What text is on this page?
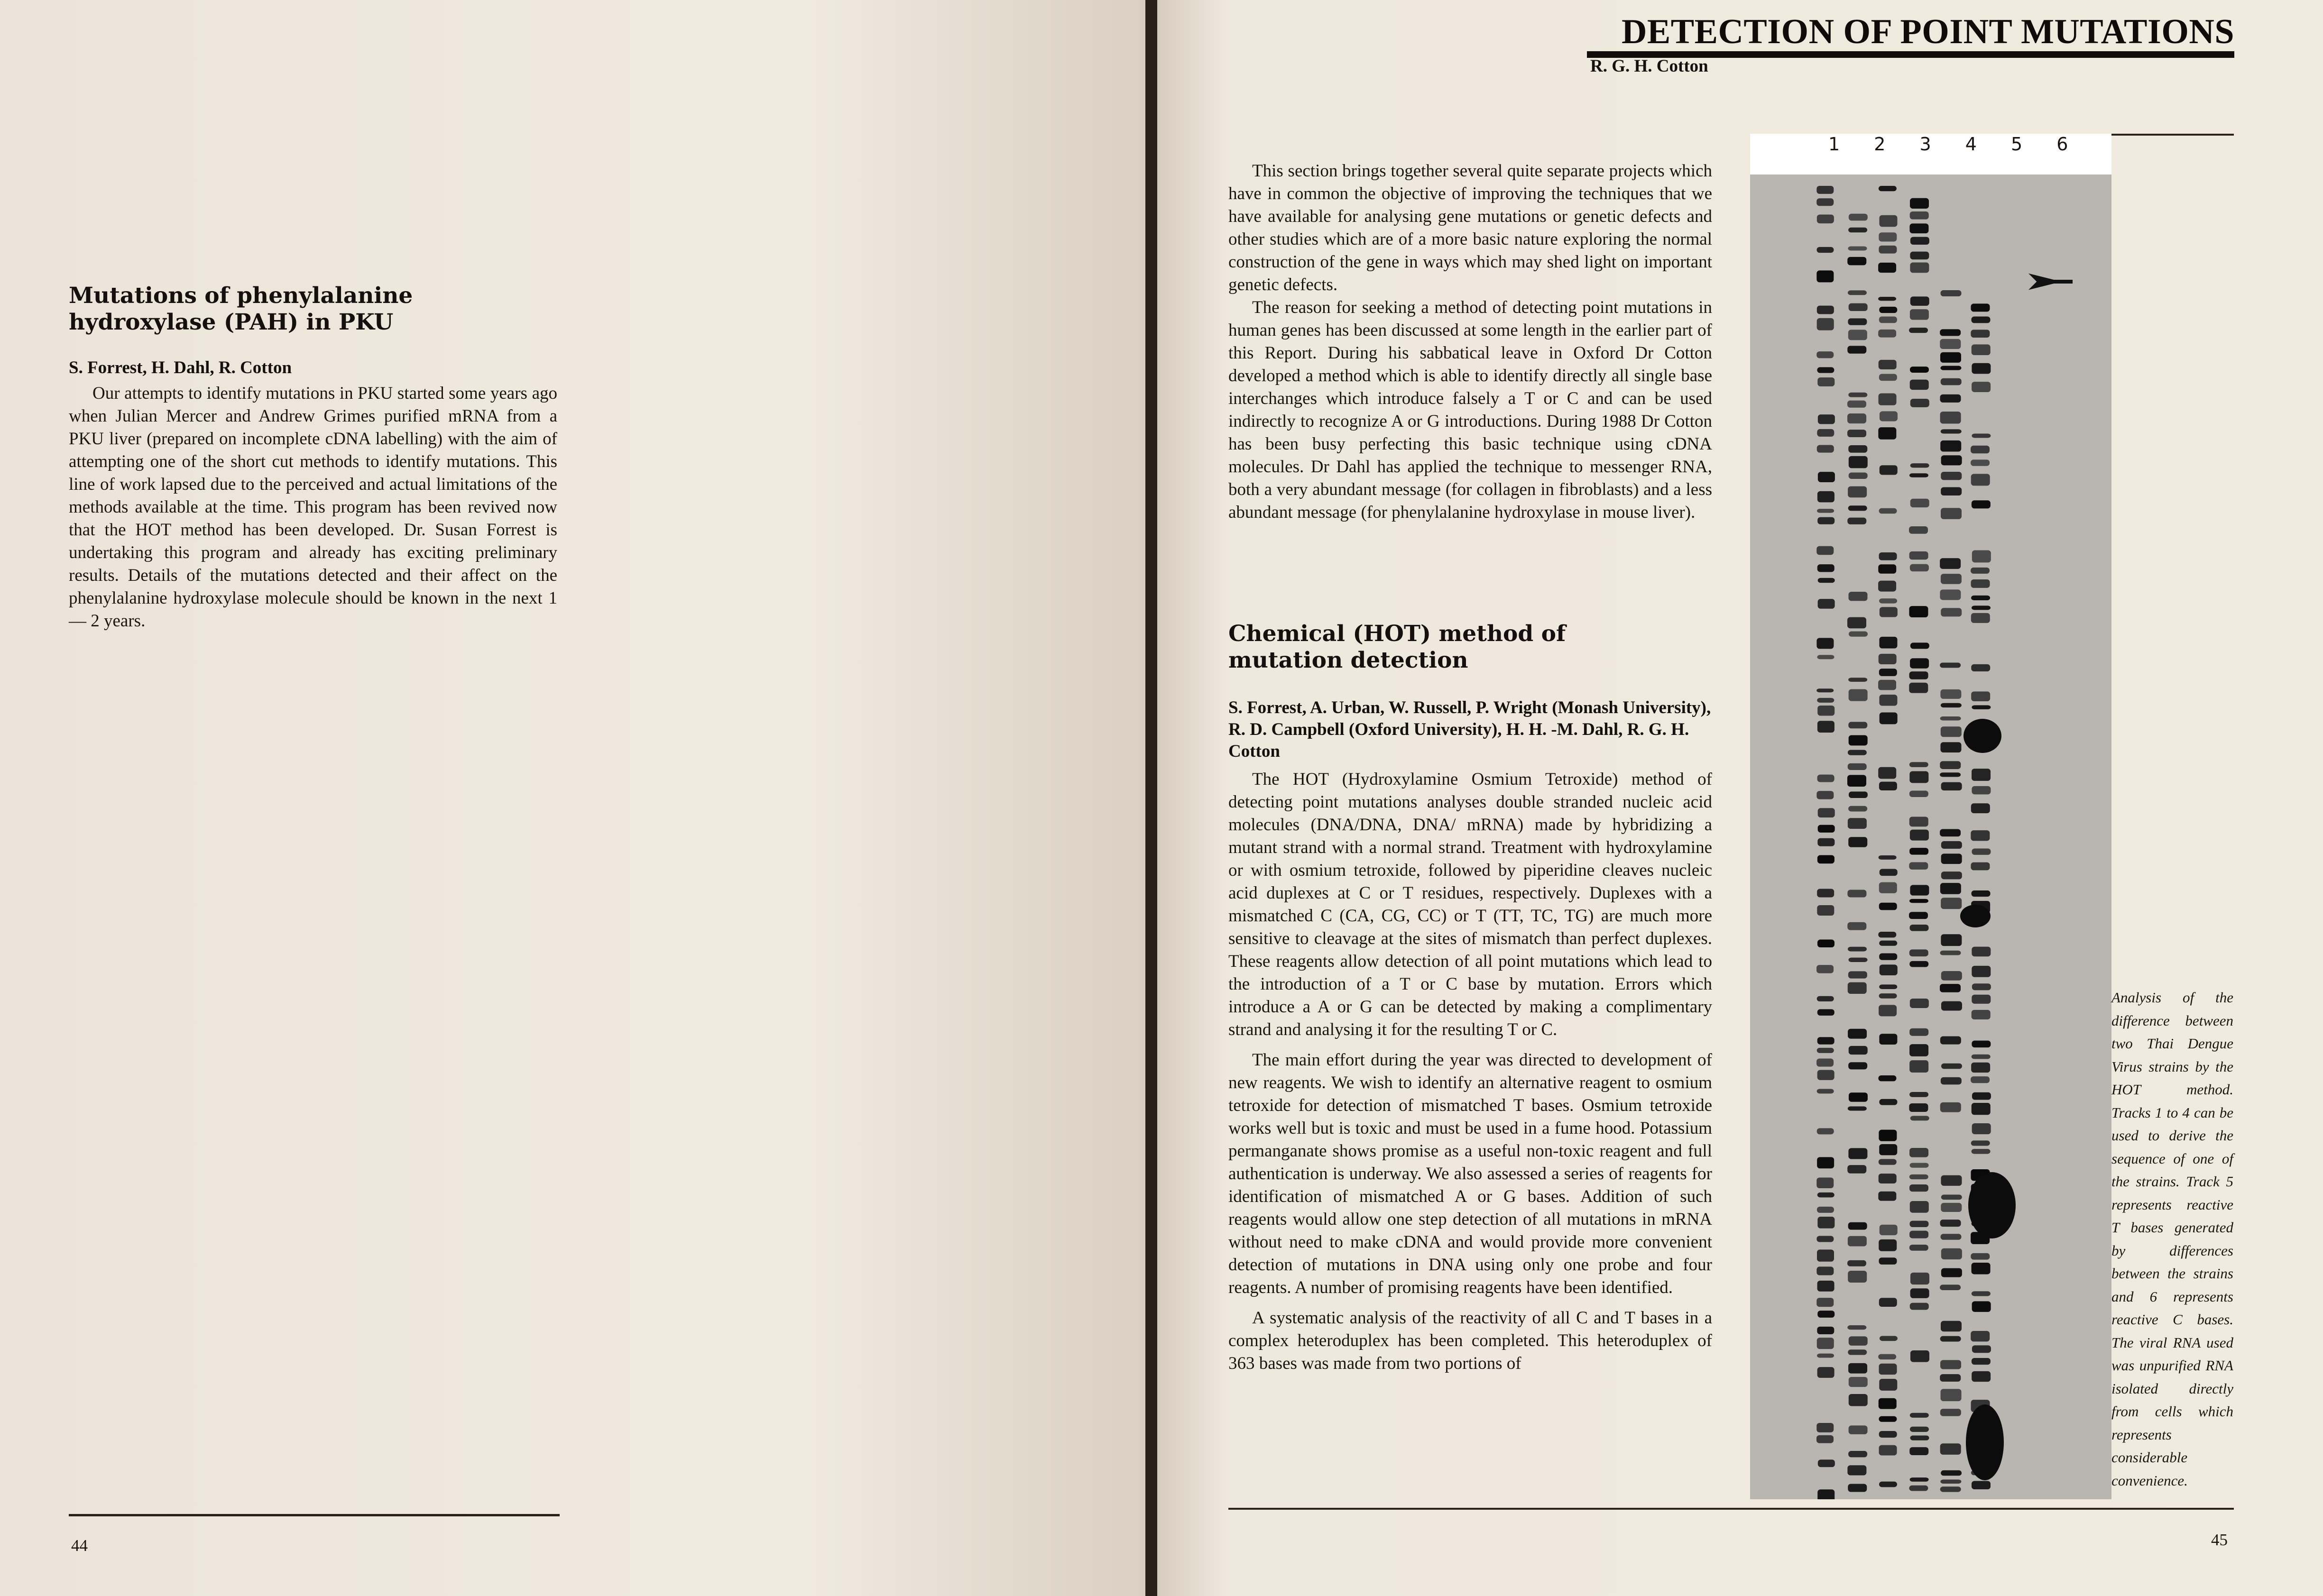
Mutations of phenylalanine hydroxylase (PAH) in PKU

S. Forrest, H. Dahl, R. Cotton

Our attempts to identify mutations in PKU started some years ago when Julian Mercer and Andrew Grimes purified mRNA from a PKU liver (prepared on incomplete cDNA labelling) with the aim of attempting one of the short cut methods to identify mutations. This line of work lapsed due to the perceived and actual limitations of the methods available at the time. This program has been revived now that the HOT method has been developed. Dr. Susan Forrest is undertaking this program and already has exciting preliminary results. Details of the mutations detected and their affect on the phenylalanine hydroxylase molecule should be known in the next 1 — 2 years.

44
DETECTION OF POINT MUTATIONS

R. G. H. Cotton

This section brings together several quite separate projects which have in common the objective of improving the techniques that we have available for analysing gene mutations or genetic defects and other studies which are of a more basic nature exploring the normal construction of the gene in ways which may shed light on important genetic defects.

The reason for seeking a method of detecting point mutations in human genes has been discussed at some length in the earlier part of this Report. During his sabbatical leave in Oxford Dr Cotton developed a method which is able to identify directly all single base interchanges which introduce falsely a T or C and can be used indirectly to recognize A or G introductions. During 1988 Dr Cotton has been busy perfecting this basic technique using cDNA molecules. Dr Dahl has applied the technique to messenger RNA, both a very abundant message (for collagen in fibroblasts) and a less abundant message (for phenylalanine hydroxylase in mouse liver).

Chemical (HOT) method of mutation detection

S. Forrest, A. Urban, W. Russell, P. Wright (Monash University), R. D. Campbell (Oxford University), H. H. -M. Dahl, R. G. H. Cotton

The HOT (Hydroxylamine Osmium Tetroxide) method of detecting point mutations analyses double stranded nucleic acid molecules (DNA/DNA, DNA/ mRNA) made by hybridizing a mutant strand with a normal strand. Treatment with hydroxylamine or with osmium tetroxide, followed by piperidine cleaves nucleic acid duplexes at C or T residues, respectively. Duplexes with a mismatched C (CA, CG, CC) or T (TT, TC, TG) are much more sensitive to cleavage at the sites of mismatch than perfect duplexes. These reagents allow detection of all point mutations which lead to the introduction of a T or C base by mutation. Errors which introduce a A or G can be detected by making a complimentary strand and analysing it for the resulting T or C.

The main effort during the year was directed to development of new reagents. We wish to identify an alternative reagent to osmium tetroxide for detection of mismatched T bases. Osmium tetroxide works well but is toxic and must be used in a fume hood. Potassium permanganate shows promise as a useful non-toxic reagent and full authentication is underway. We also assessed a series of reagents for identification of mismatched A or G bases. Addition of such reagents would allow one step detection of all mutations in mRNA without need to make cDNA and would provide more convenient detection of mutations in DNA using only one probe and four reagents. A number of promising reagents have been identified.

A systematic analysis of the reactivity of all C and T bases in a complex heteroduplex has been completed. This heteroduplex of 363 bases was made from two portions of

45

1 2 3 4 5 6

Analysis of the difference between two Thai Dengue Virus strains by the HOT method. Tracks 1 to 4 can be used to derive the sequence of one of the strains. Track 5 represents reactive T bases generated by differences between the strains and 6 represents reactive C bases. The viral RNA used was unpurified RNA isolated directly from cells which represents considerable convenience.
